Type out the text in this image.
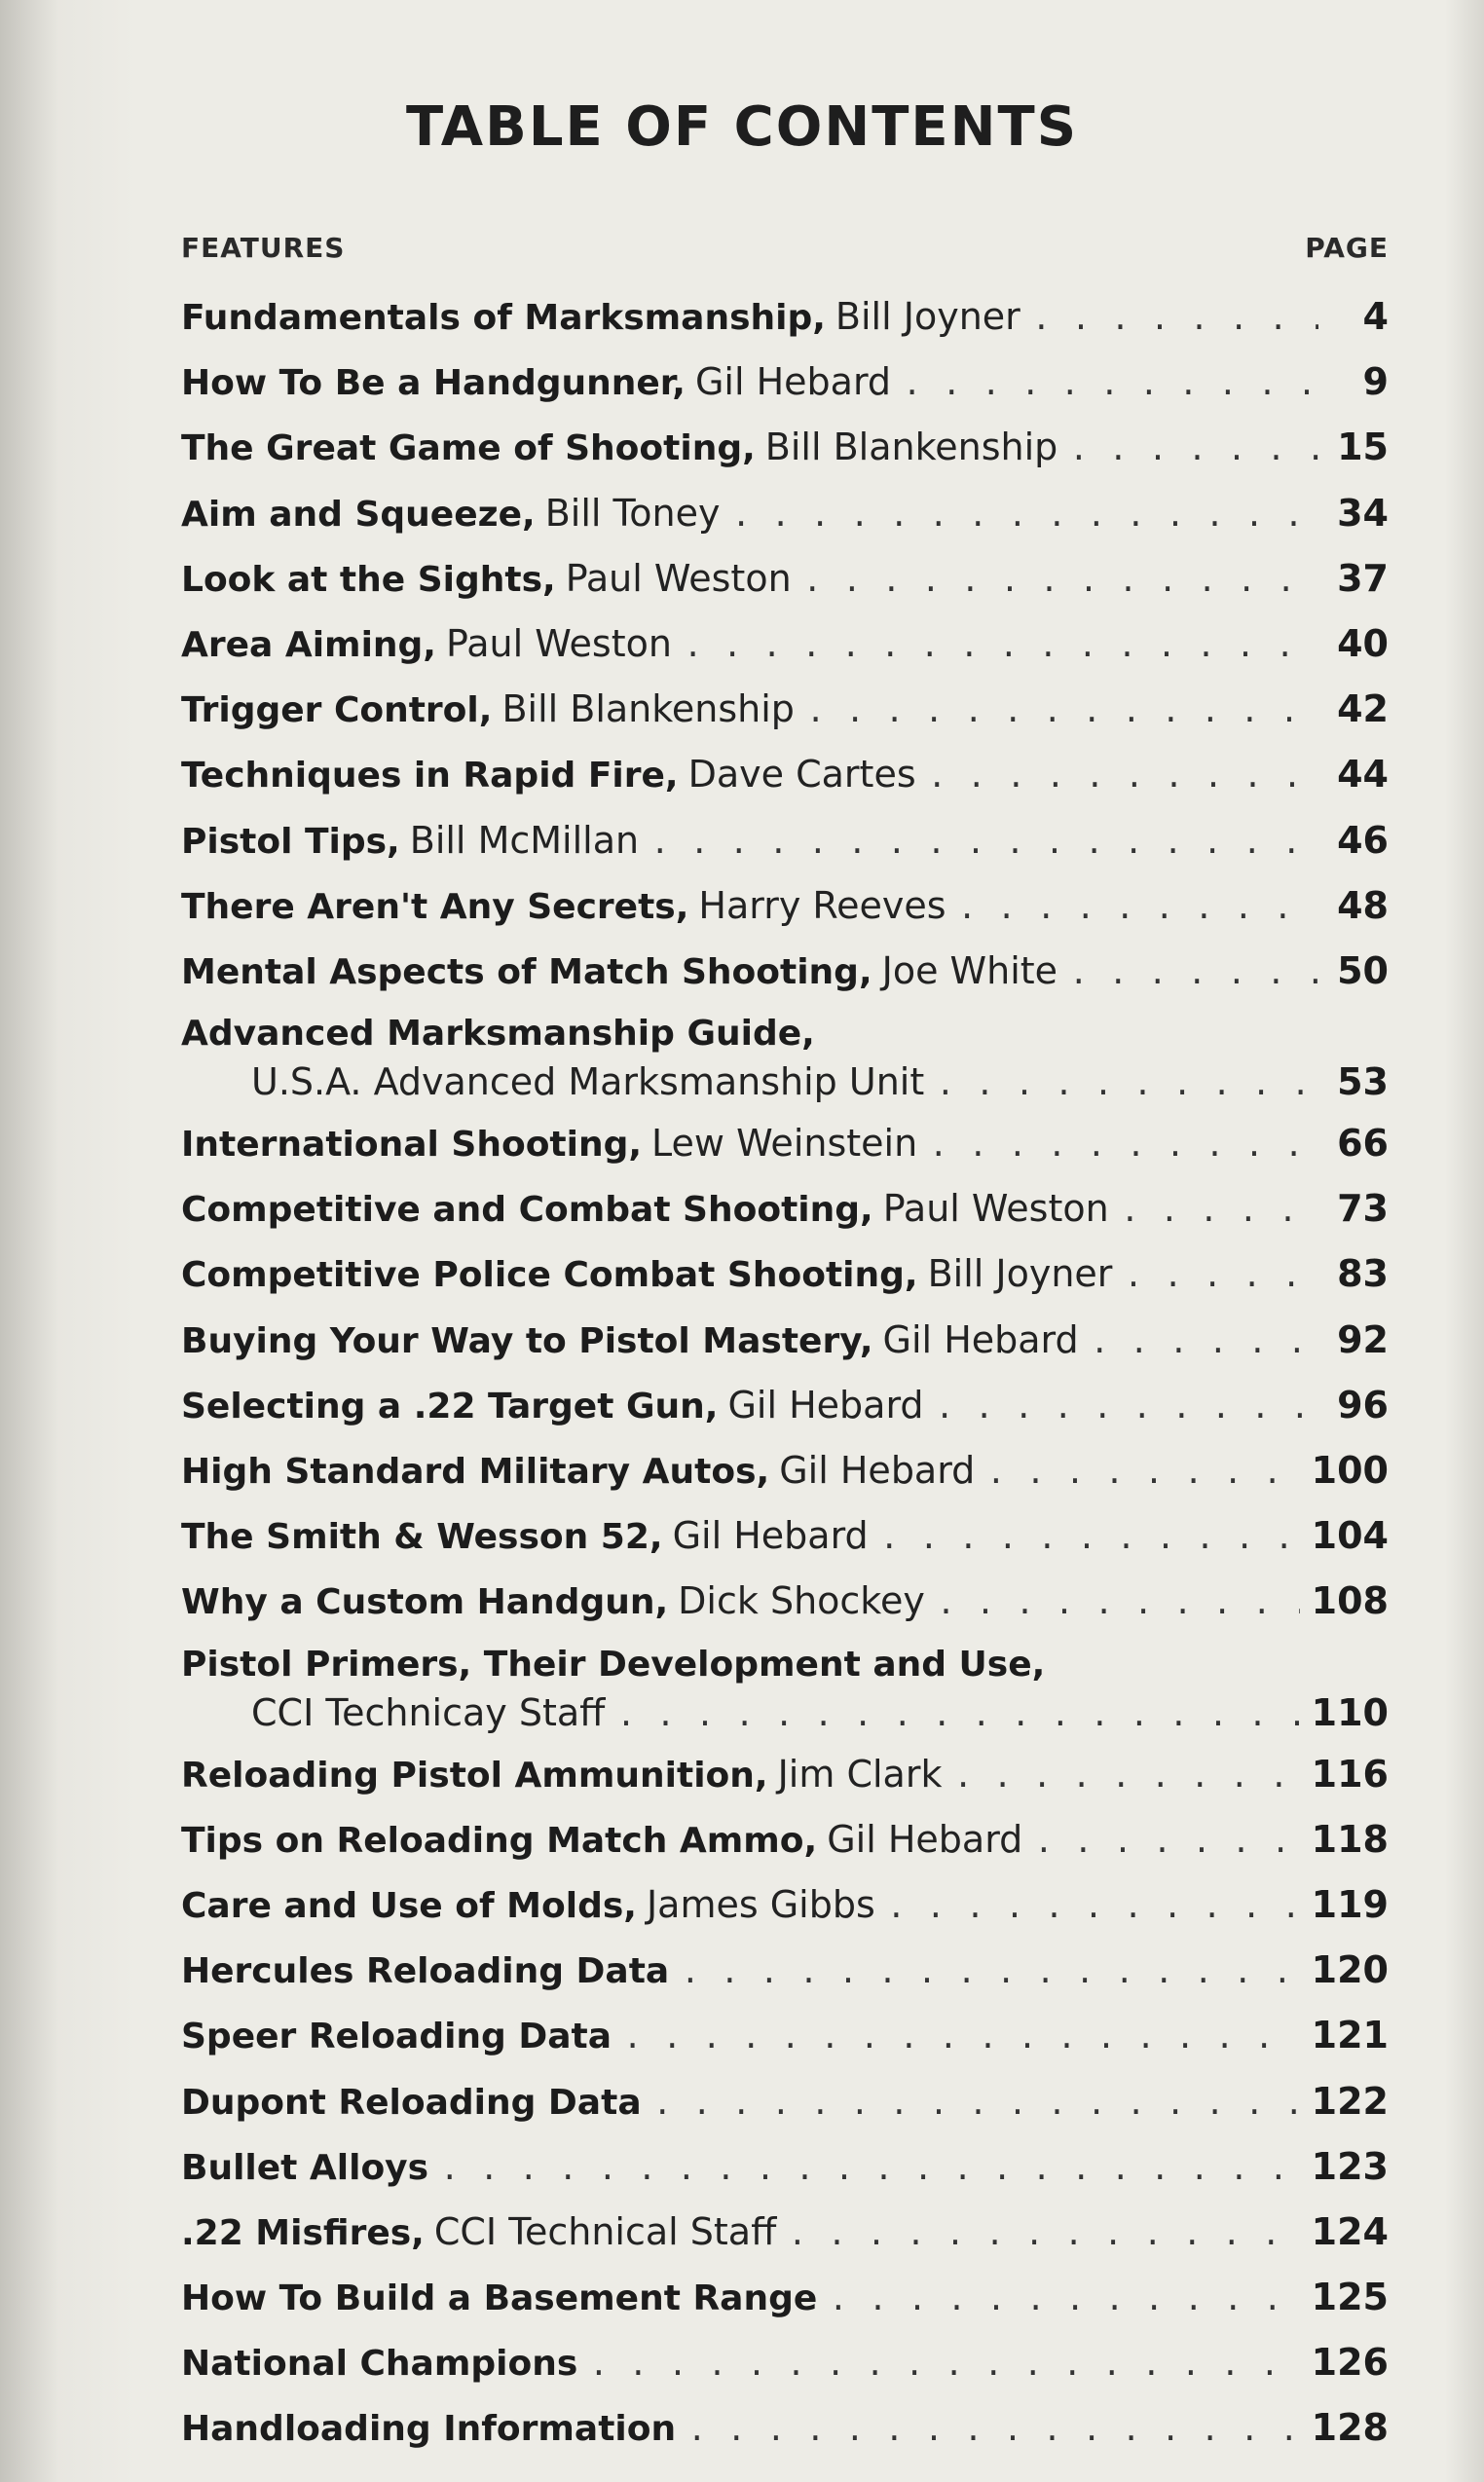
TABLE OF CONTENTS
FEATURES	PAGE
Fundamentals of Marksmanship, Bill Joyner . . .	4
How To Be a Handgunner, Gil Hebard . . .	9
The Great Game of Shooting, Bill Blankenship . . .	15
Aim and Squeeze, Bill Toney . . .	34
Look at the Sights, Paul Weston . . .	37
Area Aiming, Paul Weston . . .	40
Trigger Control, Bill Blankenship . . .	42
Techniques in Rapid Fire, Dave Cartes . . .	44
Pistol Tips, Bill McMillan . . .	46
There Aren't Any Secrets, Harry Reeves . . .	48
Mental Aspects of Match Shooting, Joe White . . .	50
Advanced Marksmanship Guide,
U.S.A. Advanced Marksmanship Unit . . .	53
International Shooting, Lew Weinstein . . .	66
Competitive and Combat Shooting, Paul Weston . . .	73
Competitive Police Combat Shooting, Bill Joyner . . .	83
Buying Your Way to Pistol Mastery, Gil Hebard . . .	92
Selecting a .22 Target Gun, Gil Hebard . . .	96
High Standard Military Autos, Gil Hebard . . .	100
The Smith & Wesson 52, Gil Hebard . . .	104
Why a Custom Handgun, Dick Shockey . . .	108
Pistol Primers, Their Development and Use,
CCI Technicay Staff . . .	110
Reloading Pistol Ammunition, Jim Clark . . .	116
Tips on Reloading Match Ammo, Gil Hebard . . .	118
Care and Use of Molds, James Gibbs . . .	119
Hercules Reloading Data . . .	120
Speer Reloading Data . . .	121
Dupont Reloading Data . . .	122
Bullet Alloys . . .	123
.22 Misfires, CCI Technical Staff . . .	124
How To Build a Basement Range . . .	125
National Champions . . .	126
Handloading Information . . .	128
